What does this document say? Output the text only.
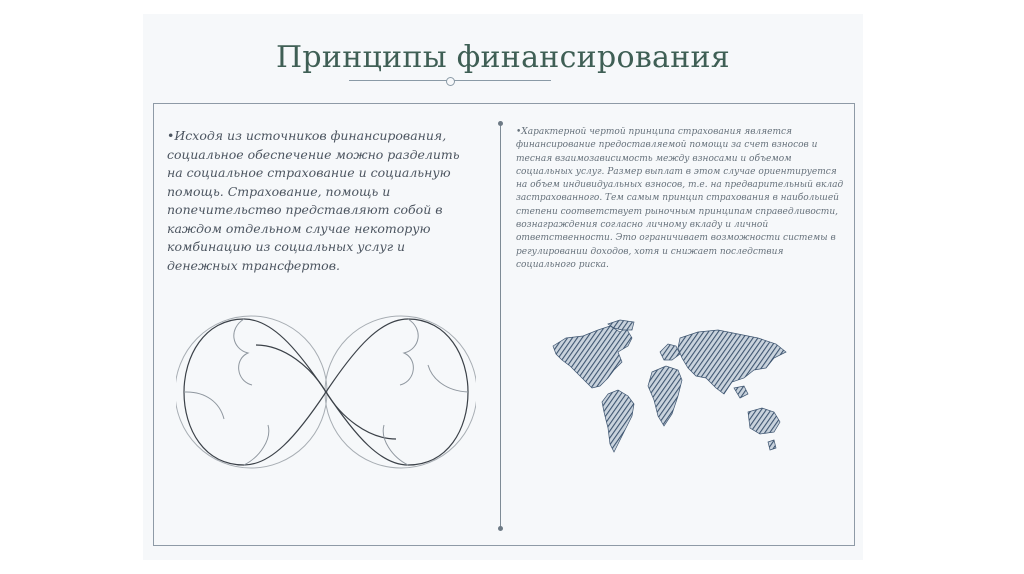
Принципы финансирования

•Исходя из источников финансирования, социальное обеспечение можно разделить на социальное страхование и социальную помощь. Страхование, помощь и попечительство представляют собой в каждом отдельном случае некоторую комбинацию из социальных услуг и денежных трансфертов.

•Характерной чертой принципа страхования является финансирование предоставляемой помощи за счет взносов и тесная взаимозависимость между взносами и объемом социальных услуг. Размер выплат в этом случае ориентируется на объем индивидуальных взносов, т.е. на предварительный вклад застрахованного. Тем самым принцип страхования в наибольшей степени соответствует рыночным принципам справедливости, вознаграждения согласно личному вкладу и личной ответственности. Это ограничивает возможности системы в регулировании доходов, хотя и снижает последствия социального риска.
